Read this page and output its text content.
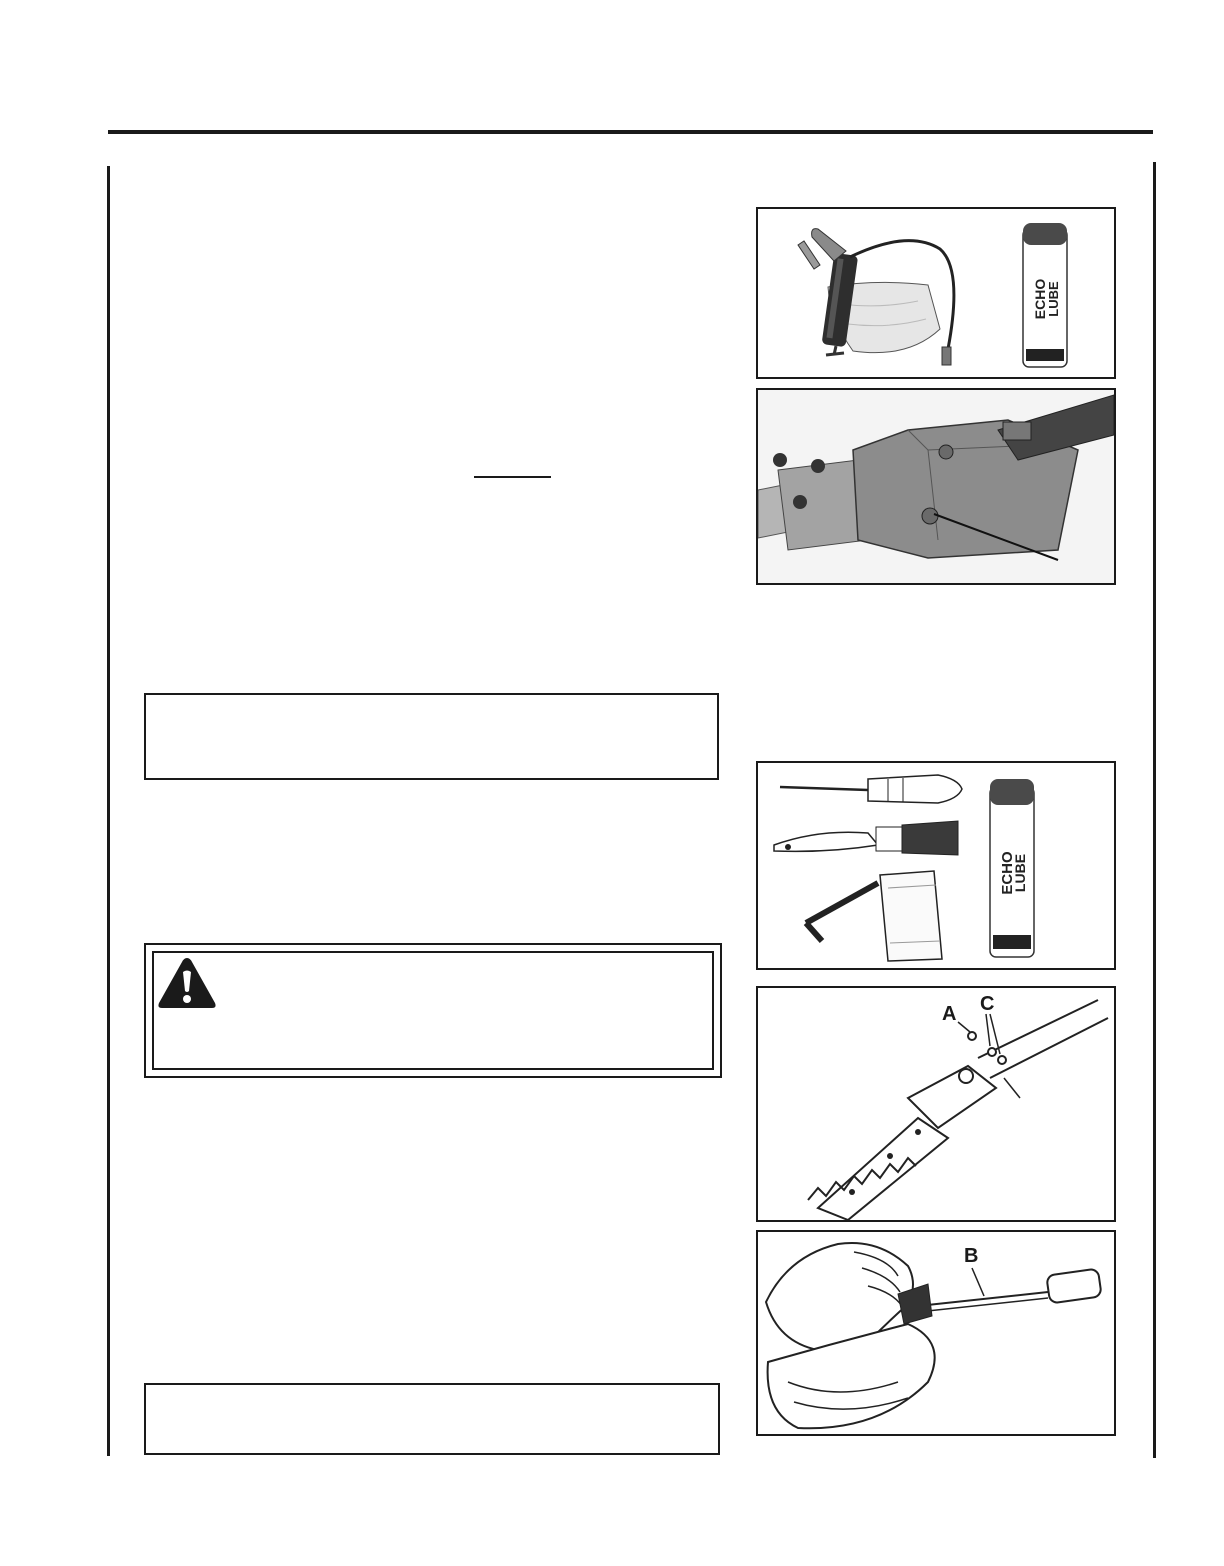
ECHO
LUBE
ECHO
LUBE
A C
B
